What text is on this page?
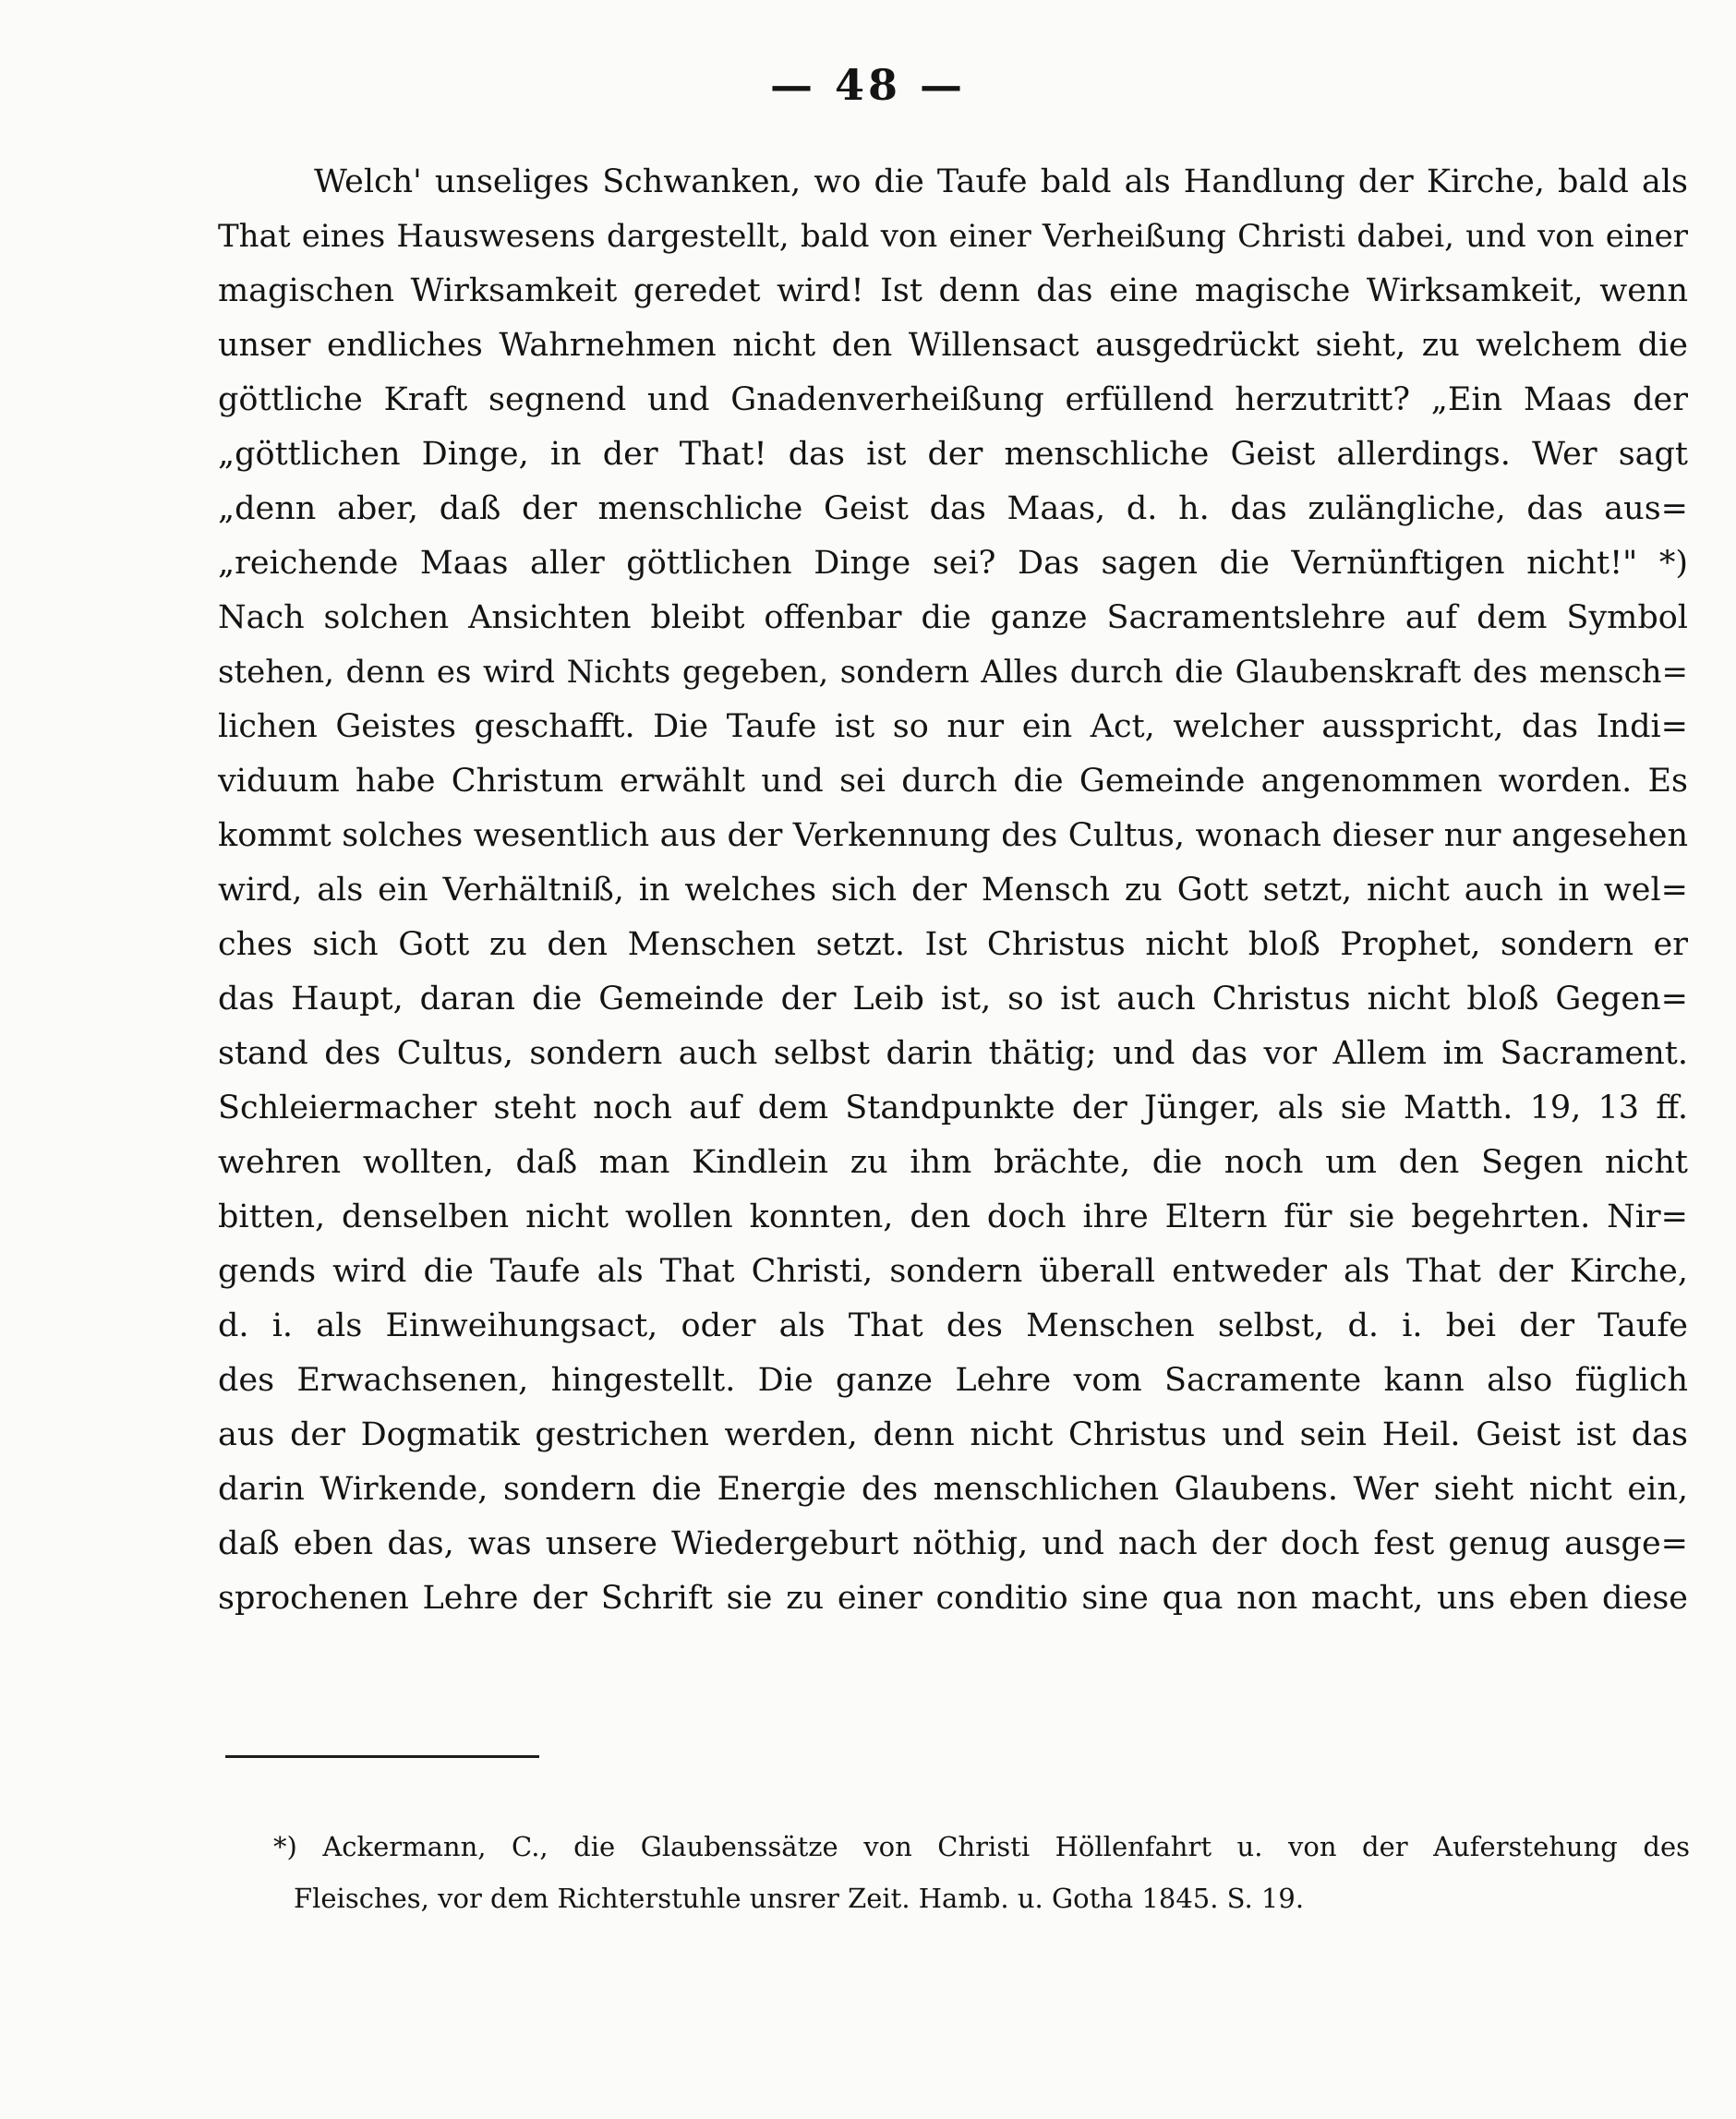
— 48 —
Welch' unseliges Schwanken, wo die Taufe bald als Handlung der Kirche, bald als
That eines Hauswesens dargestellt, bald von einer Verheißung Christi dabei, und von einer
magischen Wirksamkeit geredet wird! Ist denn das eine magische Wirksamkeit, wenn
unser endliches Wahrnehmen nicht den Willensact ausgedrückt sieht, zu welchem die
göttliche Kraft segnend und Gnadenverheißung erfüllend herzutritt? „Ein Maas der
„göttlichen Dinge, in der That! das ist der menschliche Geist allerdings. Wer sagt
„denn aber, daß der menschliche Geist das Maas, d. h. das zulängliche, das aus=
„reichende Maas aller göttlichen Dinge sei? Das sagen die Vernünftigen nicht!" *)
Nach solchen Ansichten bleibt offenbar die ganze Sacramentslehre auf dem Symbol
stehen, denn es wird Nichts gegeben, sondern Alles durch die Glaubenskraft des mensch=
lichen Geistes geschafft. Die Taufe ist so nur ein Act, welcher ausspricht, das Indi=
viduum habe Christum erwählt und sei durch die Gemeinde angenommen worden. Es
kommt solches wesentlich aus der Verkennung des Cultus, wonach dieser nur angesehen
wird, als ein Verhältniß, in welches sich der Mensch zu Gott setzt, nicht auch in wel=
ches sich Gott zu den Menschen setzt. Ist Christus nicht bloß Prophet, sondern er
das Haupt, daran die Gemeinde der Leib ist, so ist auch Christus nicht bloß Gegen=
stand des Cultus, sondern auch selbst darin thätig; und das vor Allem im Sacrament.
Schleiermacher steht noch auf dem Standpunkte der Jünger, als sie Matth. 19, 13 ff.
wehren wollten, daß man Kindlein zu ihm brächte, die noch um den Segen nicht
bitten, denselben nicht wollen konnten, den doch ihre Eltern für sie begehrten. Nir=
gends wird die Taufe als That Christi, sondern überall entweder als That der Kirche,
d. i. als Einweihungsact, oder als That des Menschen selbst, d. i. bei der Taufe
des Erwachsenen, hingestellt. Die ganze Lehre vom Sacramente kann also füglich
aus der Dogmatik gestrichen werden, denn nicht Christus und sein Heil. Geist ist das
darin Wirkende, sondern die Energie des menschlichen Glaubens. Wer sieht nicht ein,
daß eben das, was unsere Wiedergeburt nöthig, und nach der doch fest genug ausge=
sprochenen Lehre der Schrift sie zu einer conditio sine qua non macht, uns eben diese
*) Ackermann, C., die Glaubenssätze von Christi Höllenfahrt u. von der Auferstehung des
Fleisches, vor dem Richterstuhle unsrer Zeit. Hamb. u. Gotha 1845. S. 19.
